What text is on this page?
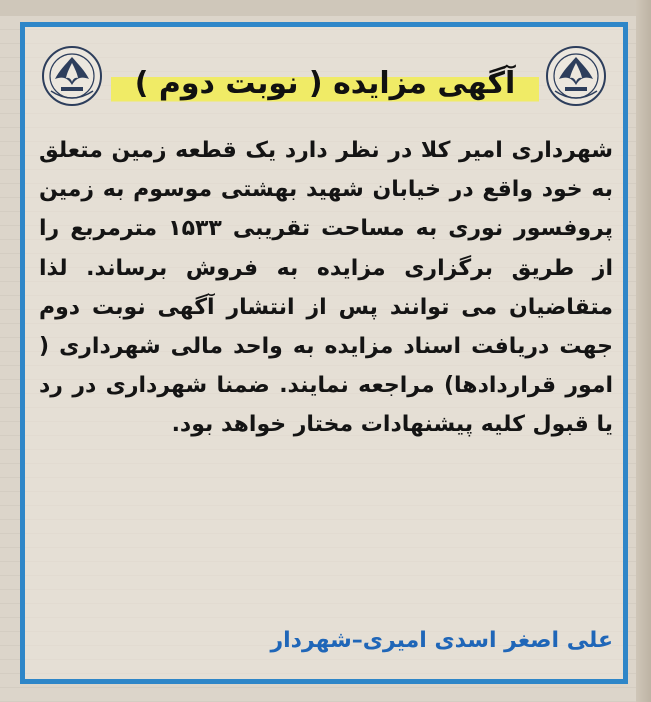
آگهی مزایده ( نوبت دوم )
شهرداری امیر کلا در نظر دارد یک قطعه زمین متعلق به خود واقع در خیابان شهید بهشتی موسوم به زمین پروفسور نوری به مساحت تقریبی ۱۵۳۳ مترمربع را از طریق برگزاری مزایده به فروش برساند. لذا متقاضیان می توانند پس از انتشار آگهی نوبت دوم جهت دریافت اسناد مزایده به واحد مالی شهرداری ( امور قراردادها) مراجعه نمایند. ضمنا شهرداری در رد یا قبول کلیه پیشنهادات مختار خواهد بود.
علی اصغر اسدی امیری–شهردار
